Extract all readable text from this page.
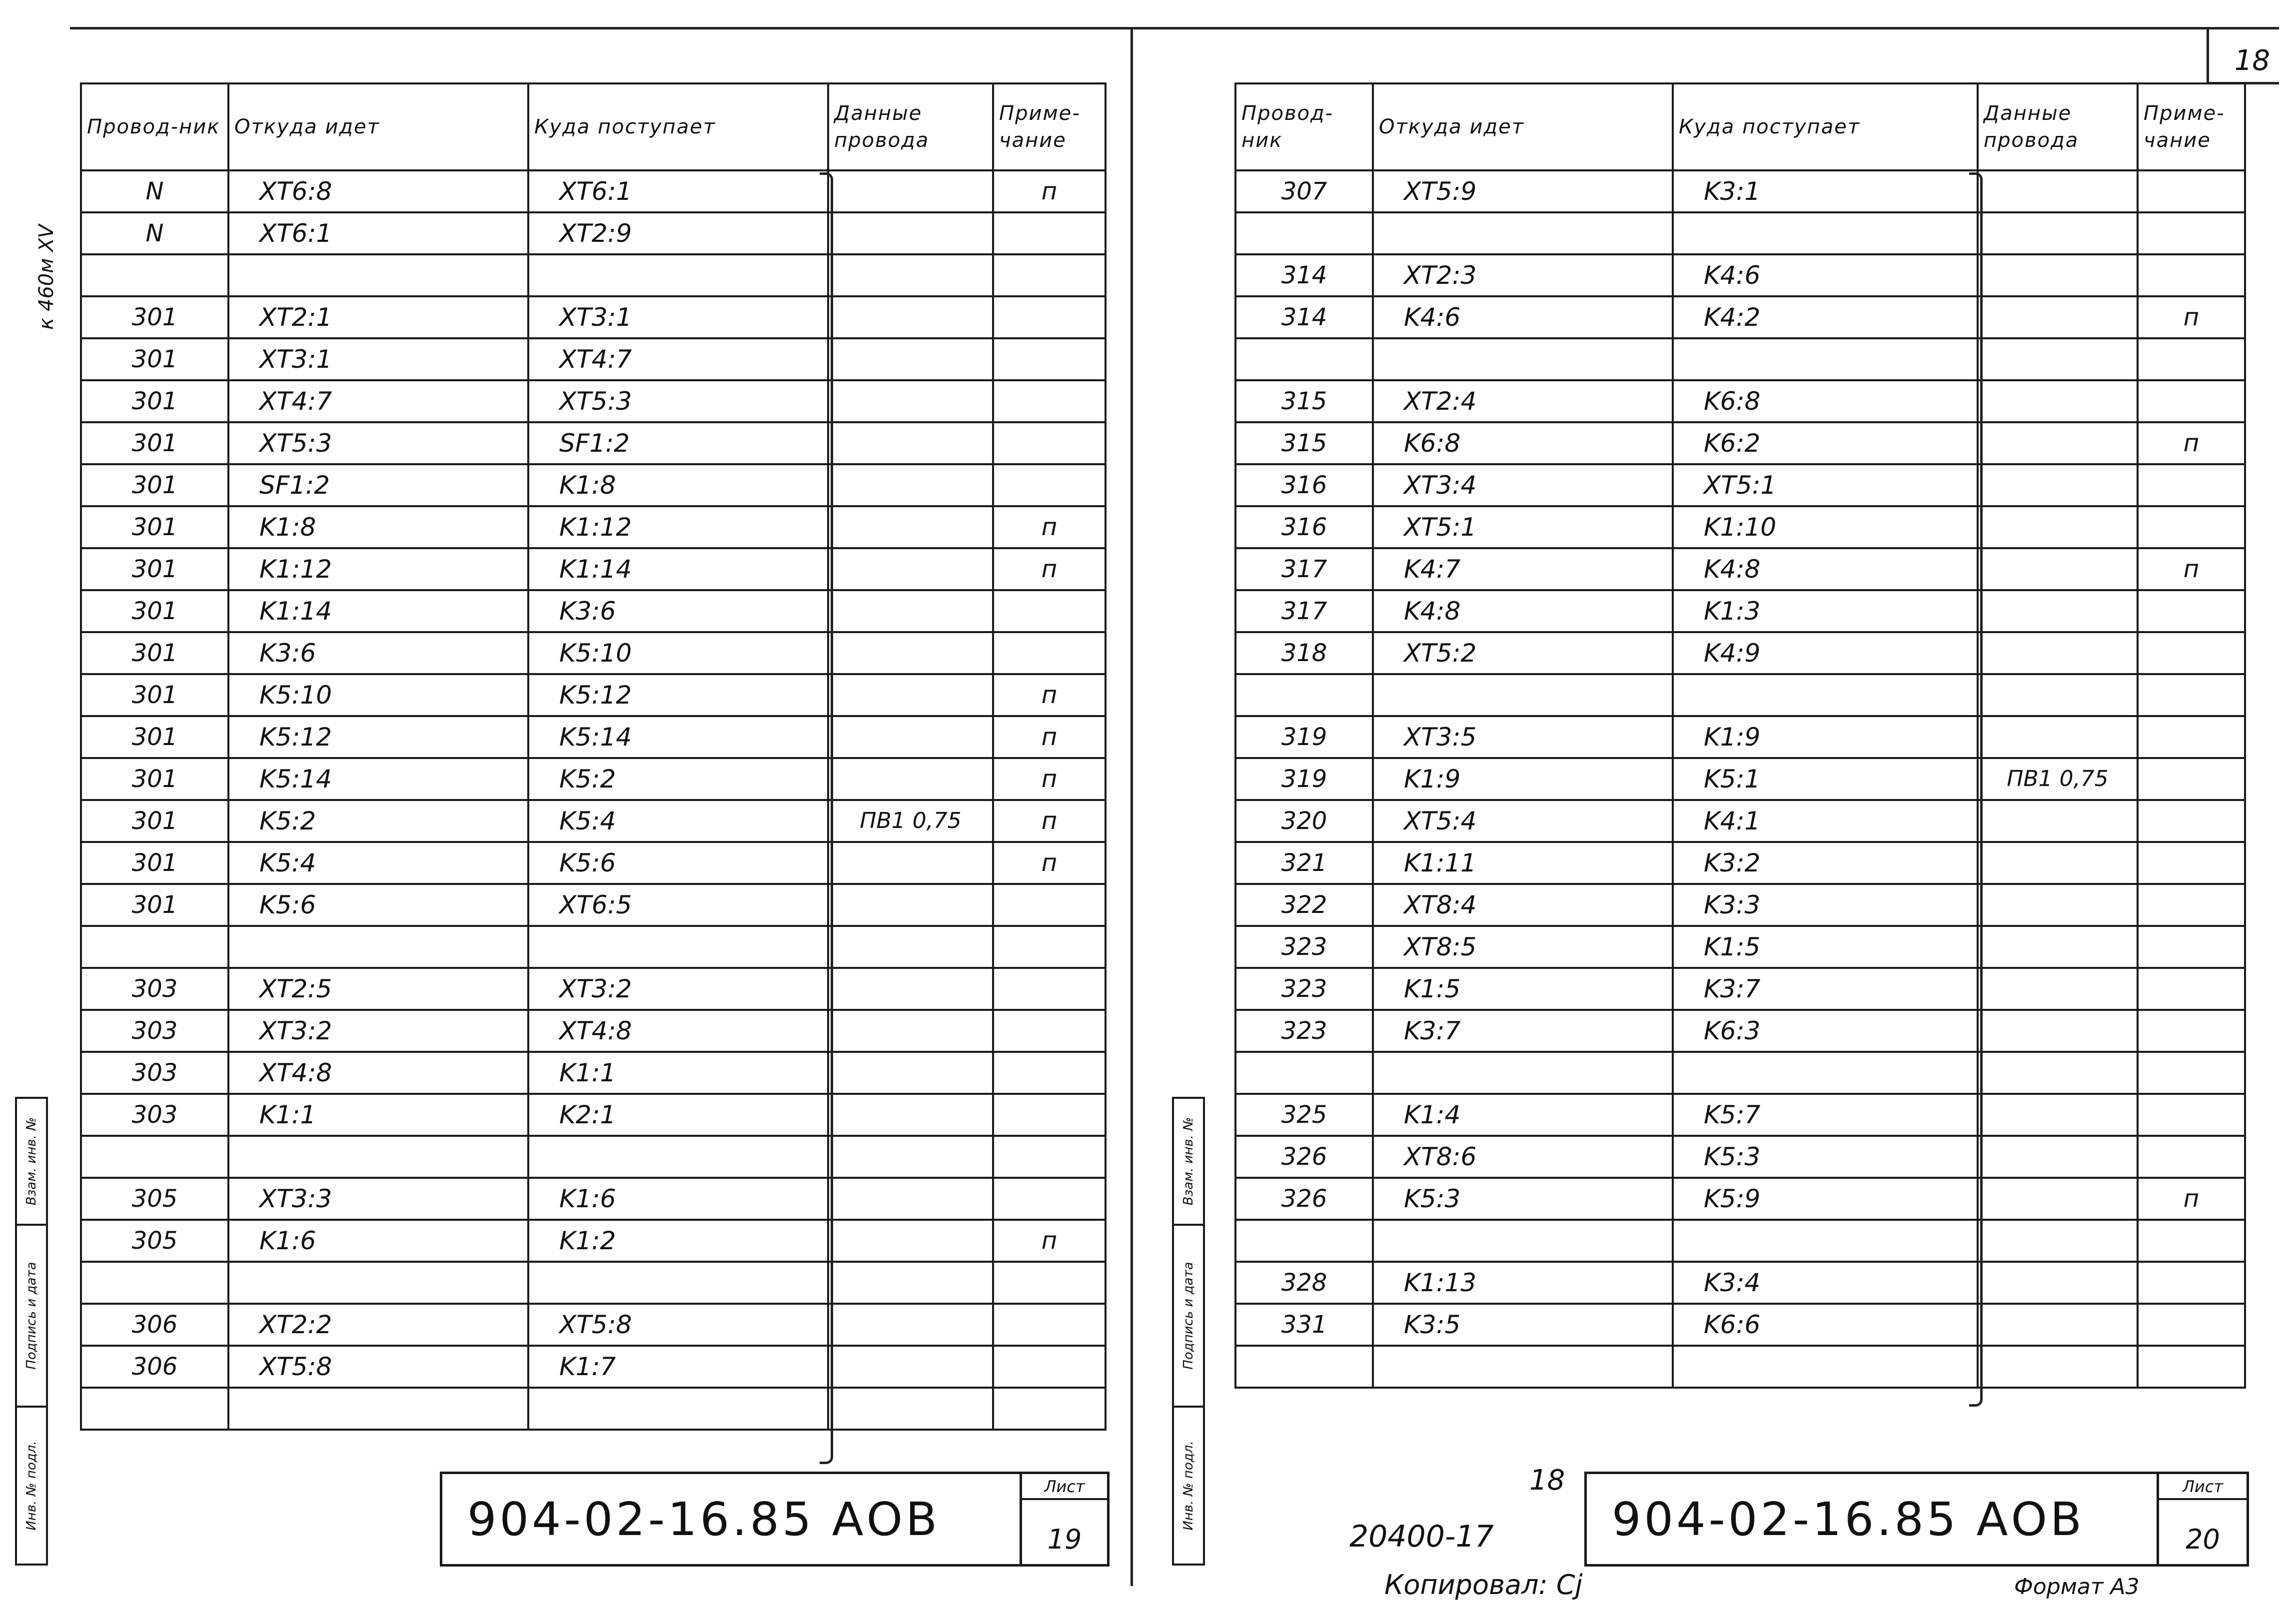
18
к 460м XV
Провод-ник	Откуда идет	Куда поступает	Данные провода	Приме-чание
N	XT6:8	XT6:1		п
N	XT6:1	XT2:9		

301	XT2:1	XT3:1		
301	XT3:1	XT4:7		
301	XT4:7	XT5:3		
301	XT5:3	SF1:2		
301	SF1:2	K1:8		
301	K1:8	K1:12		п
301	K1:12	K1:14		п
301	K1:14	K3:6		
301	K3:6	K5:10		
301	K5:10	K5:12		п
301	K5:12	K5:14		п
301	K5:14	K5:2		п
301	K5:2	K5:4	ПВ1 0,75	п
301	K5:4	K5:6		п
301	K5:6	XT6:5		

303	XT2:5	XT3:2		
303	XT3:2	XT4:8		
303	XT4:8	K1:1		
303	K1:1	K2:1		

305	XT3:3	K1:6		
305	K1:6	K1:2		п

306	XT2:2	XT5:8		
306	XT5:8	K1:7		

904-02-16.85 АОВ
Лист
19
Взам. инв. №
Подпись и дата
Инв. № подл.
Провод-ник	Откуда идет	Куда поступает	Данные провода	Приме-чание
307	XT5:9	K3:1		

314	XT2:3	K4:6		
314	K4:6	K4:2		п

315	XT2:4	K6:8		
315	K6:8	K6:2		п
316	XT3:4	XT5:1		
316	XT5:1	K1:10		
317	K4:7	K4:8		п
317	K4:8	K1:3		
318	XT5:2	K4:9		

319	XT3:5	K1:9		
319	K1:9	K5:1	ПВ1 0,75	
320	XT5:4	K4:1		
321	K1:11	K3:2		
322	XT8:4	K3:3		
323	XT8:5	K1:5		
323	K1:5	K3:7		
323	K3:7	K6:3		

325	K1:4	K5:7		
326	XT8:6	K5:3		
326	K5:3	K5:9		п

328	K1:13	K3:4		
331	K3:5	K6:6		

904-02-16.85 АОВ
Лист
20
18
20400-17
Взам. инв. №
Подпись и дата
Инв. № подл.
Копировал: Cj	Формат А3
